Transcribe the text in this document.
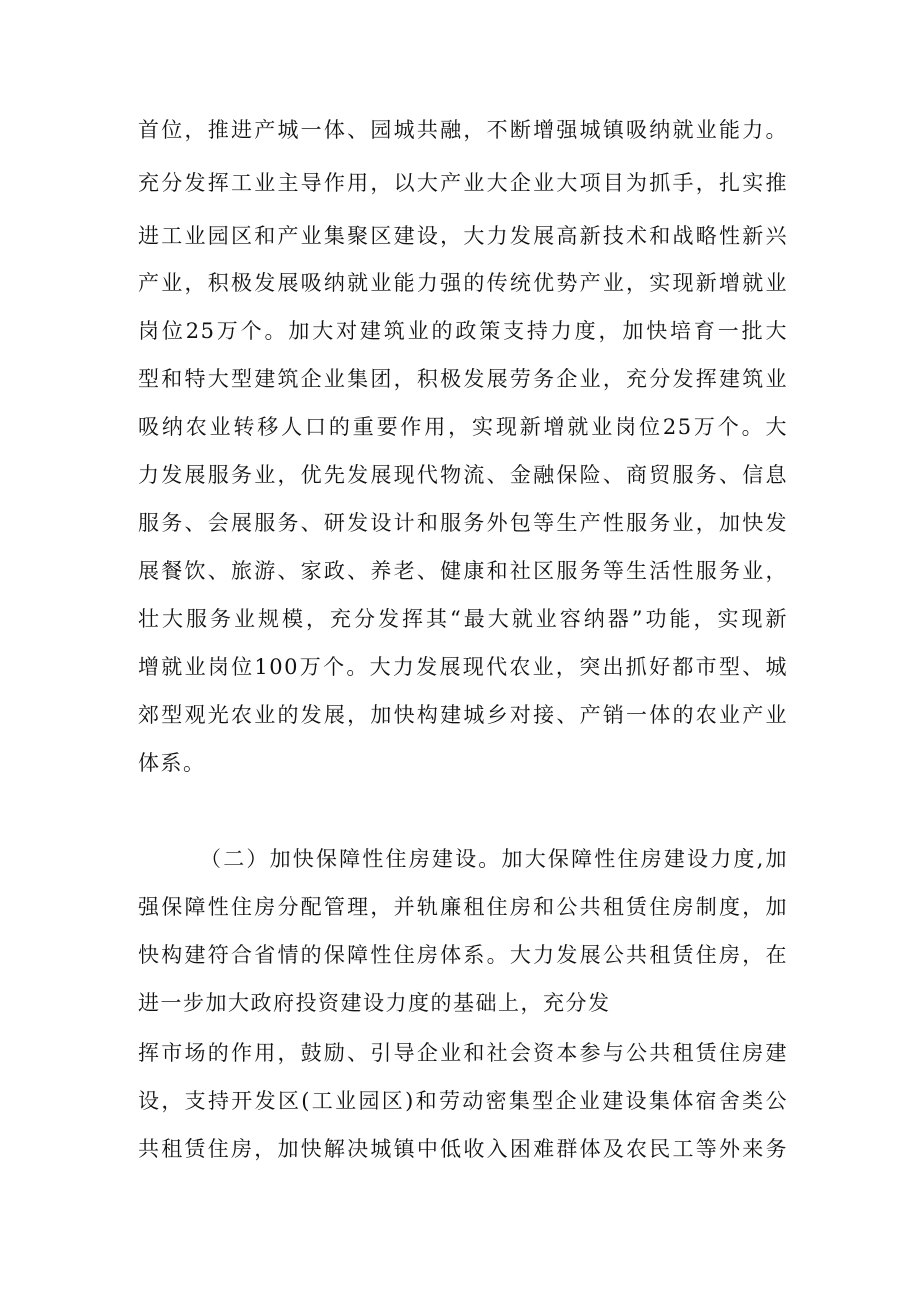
首位，推进产城一体、园城共融，不断增强城镇吸纳就业能力。
充分发挥工业主导作用，以大产业大企业大项目为抓手，扎实推
进工业园区和产业集聚区建设，大力发展高新技术和战略性新兴
产业，积极发展吸纳就业能力强的传统优势产业，实现新增就业
岗位25万个。加大对建筑业的政策支持力度，加快培育一批大
型和特大型建筑企业集团，积极发展劳务企业，充分发挥建筑业
吸纳农业转移人口的重要作用，实现新增就业岗位25万个。大
力发展服务业，优先发展现代物流、金融保险、商贸服务、信息
服务、会展服务、研发设计和服务外包等生产性服务业，加快发
展餐饮、旅游、家政、养老、健康和社区服务等生活性服务业，
壮大服务业规模，充分发挥其“最大就业容纳器”功能，实现新
增就业岗位100万个。大力发展现代农业，突出抓好都市型、城
郊型观光农业的发展，加快构建城乡对接、产销一体的农业产业
体系。
（二）加快保障性住房建设。加大保障性住房建设力度,加
强保障性住房分配管理，并轨廉租住房和公共租赁住房制度，加
快构建符合省情的保障性住房体系。大力发展公共租赁住房，在
进一步加大政府投资建设力度的基础上，充分发
挥市场的作用，鼓励、引导企业和社会资本参与公共租赁住房建
设，支持开发区(工业园区)和劳动密集型企业建设集体宿舍类公
共租赁住房，加快解决城镇中低收入困难群体及农民工等外来务
